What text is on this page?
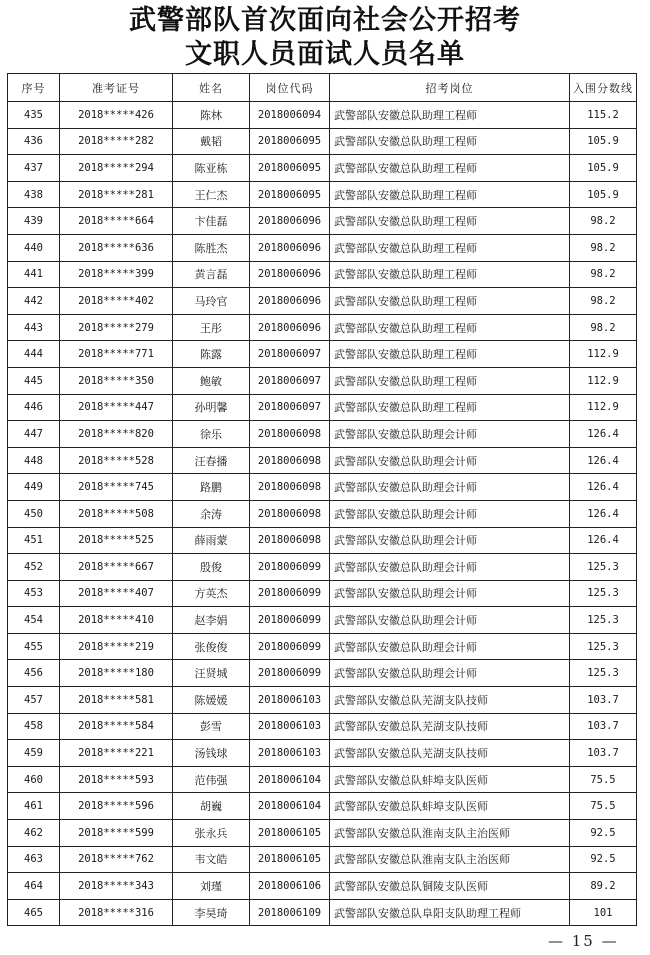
武警部队首次面向社会公开招考
文职人员面试人员名单
序号	准考证号	姓名	岗位代码	招考岗位	入围分数线
435	2018*****426	陈林	2018006094	武警部队安徽总队助理工程师	115.2
436	2018*****282	戴韬	2018006095	武警部队安徽总队助理工程师	105.9
437	2018*****294	陈亚栋	2018006095	武警部队安徽总队助理工程师	105.9
438	2018*****281	王仁杰	2018006095	武警部队安徽总队助理工程师	105.9
439	2018*****664	卞佳磊	2018006096	武警部队安徽总队助理工程师	98.2
440	2018*****636	陈胜杰	2018006096	武警部队安徽总队助理工程师	98.2
441	2018*****399	黄言磊	2018006096	武警部队安徽总队助理工程师	98.2
442	2018*****402	马玲官	2018006096	武警部队安徽总队助理工程师	98.2
443	2018*****279	王彤	2018006096	武警部队安徽总队助理工程师	98.2
444	2018*****771	陈露	2018006097	武警部队安徽总队助理工程师	112.9
445	2018*****350	鲍敏	2018006097	武警部队安徽总队助理工程师	112.9
446	2018*****447	孙明馨	2018006097	武警部队安徽总队助理工程师	112.9
447	2018*****820	徐乐	2018006098	武警部队安徽总队助理会计师	126.4
448	2018*****528	汪春播	2018006098	武警部队安徽总队助理会计师	126.4
449	2018*****745	路鹏	2018006098	武警部队安徽总队助理会计师	126.4
450	2018*****508	余涛	2018006098	武警部队安徽总队助理会计师	126.4
451	2018*****525	薛雨蒙	2018006098	武警部队安徽总队助理会计师	126.4
452	2018*****667	殷俊	2018006099	武警部队安徽总队助理会计师	125.3
453	2018*****407	方英杰	2018006099	武警部队安徽总队助理会计师	125.3
454	2018*****410	赵李娟	2018006099	武警部队安徽总队助理会计师	125.3
455	2018*****219	张俊俊	2018006099	武警部队安徽总队助理会计师	125.3
456	2018*****180	汪贤城	2018006099	武警部队安徽总队助理会计师	125.3
457	2018*****581	陈媛媛	2018006103	武警部队安徽总队芜湖支队技师	103.7
458	2018*****584	彭雪	2018006103	武警部队安徽总队芜湖支队技师	103.7
459	2018*****221	汤钱球	2018006103	武警部队安徽总队芜湖支队技师	103.7
460	2018*****593	范伟强	2018006104	武警部队安徽总队蚌埠支队医师	75.5
461	2018*****596	胡巍	2018006104	武警部队安徽总队蚌埠支队医师	75.5
462	2018*****599	张永兵	2018006105	武警部队安徽总队淮南支队主治医师	92.5
463	2018*****762	韦文皓	2018006105	武警部队安徽总队淮南支队主治医师	92.5
464	2018*****343	刘瑾	2018006106	武警部队安徽总队铜陵支队医师	89.2
465	2018*****316	李昊琦	2018006109	武警部队安徽总队阜阳支队助理工程师	101
— 15 —
